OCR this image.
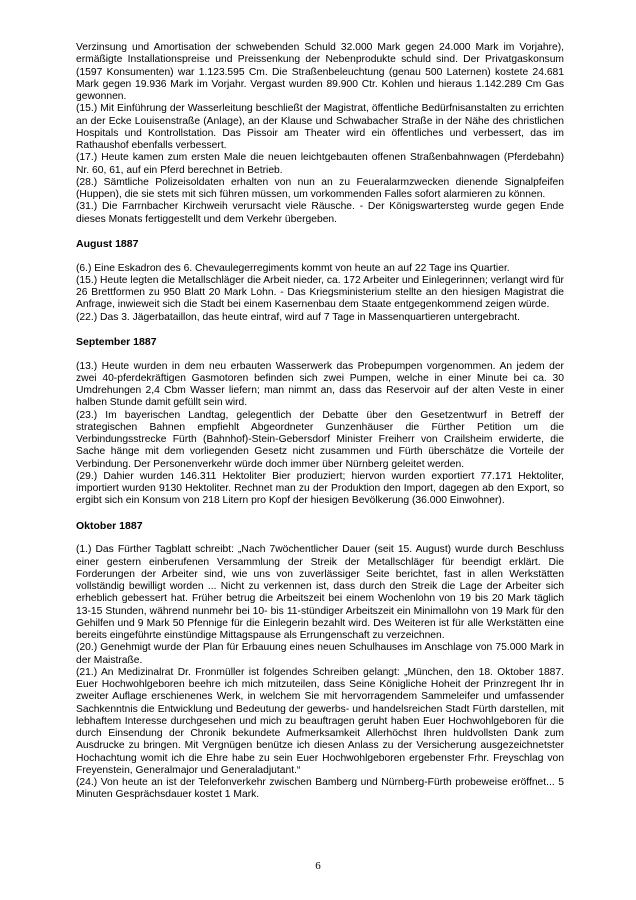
Verzinsung und Amortisation der schwebenden Schuld 32.000 Mark gegen 24.000 Mark im Vorjahre), ermäßigte Installationspreise und Preissenkung der Nebenprodukte schuld sind. Der Privatgaskonsum (1597 Konsumenten) war 1.123.595 Cm. Die Straßenbeleuchtung (genau 500 Laternen) kostete 24.681 Mark gegen 19.936 Mark im Vorjahr. Vergast wurden 89.900 Ctr. Kohlen und hieraus 1.142.289 Cm Gas gewonnen.

(15.) Mit Einführung der Wasserleitung beschließt der Magistrat, öffentliche Bedürfnisanstalten zu errichten an der Ecke Louisenstraße (Anlage), an der Klause und Schwabacher Straße in der Nähe des christlichen Hospitals und Kontrollstation. Das Pissoir am Theater wird ein öffentliches und verbessert, das im Rathaushof ebenfalls verbessert.

(17.) Heute kamen zum ersten Male die neuen leichtgebauten offenen Straßenbahnwagen (Pferdebahn) Nr. 60, 61, auf ein Pferd berechnet in Betrieb.

(28.) Sämtliche Polizeisoldaten erhalten von nun an zu Feueralarmzwecken dienende Signalpfeifen (Huppen), die sie stets mit sich führen müssen, um vorkommenden Falles sofort alarmieren zu können.

(31.) Die Farrnbacher Kirchweih verursacht viele Räusche. - Der Königswartersteg wurde gegen Ende dieses Monats fertiggestellt und dem Verkehr übergeben.

August 1887

(6.) Eine Eskadron des 6. Chevaulegerregiments kommt von heute an auf 22 Tage ins Quartier.

(15.) Heute legten die Metallschläger die Arbeit nieder, ca. 172 Arbeiter und Einlegerinnen; verlangt wird für 26 Brettformen zu 950 Blatt 20 Mark Lohn. - Das Kriegsministerium stellte an den hiesigen Magistrat die Anfrage, inwieweit sich die Stadt bei einem Kasernenbau dem Staate entgegenkommend zeigen würde.

(22.) Das 3. Jägerbataillon, das heute eintraf, wird auf 7 Tage in Massenquartieren untergebracht.

September 1887

(13.) Heute wurden in dem neu erbauten Wasserwerk das Probepumpen vorgenommen. An jedem der zwei 40-pferdekräftigen Gasmotoren befinden sich zwei Pumpen, welche in einer Minute bei ca. 30 Umdrehungen 2,4 Cbm Wasser liefern; man nimmt an, dass das Reservoir auf der alten Veste in einer halben Stunde damit gefüllt sein wird.

(23.) Im bayerischen Landtag, gelegentlich der Debatte über den Gesetzentwurf in Betreff der strategischen Bahnen empfiehlt Abgeordneter Gunzenhäuser die Fürther Petition um die Verbindungsstrecke Fürth (Bahnhof)-Stein-Gebersdorf Minister Freiherr von Crailsheim erwiderte, die Sache hänge mit dem vorliegenden Gesetz nicht zusammen und Fürth überschätze die Vorteile der Verbindung. Der Personenverkehr würde doch immer über Nürnberg geleitet werden.

(29.) Dahier wurden 146.311 Hektoliter Bier produziert; hiervon wurden exportiert 77.171 Hektoliter, importiert wurden 9130 Hektoliter. Rechnet man zu der Produktion den Import, dagegen ab den Export, so ergibt sich ein Konsum von 218 Litern pro Kopf der hiesigen Bevölkerung (36.000 Einwohner).

Oktober 1887

(1.) Das Fürther Tagblatt schreibt: „Nach 7wöchentlicher Dauer (seit 15. August) wurde durch Beschluss einer gestern einberufenen Versammlung der Streik der Metallschläger für beendigt erklärt. Die Forderungen der Arbeiter sind, wie uns von zuverlässiger Seite berichtet, fast in allen Werkstätten vollständig bewilligt worden ... Nicht zu verkennen ist, dass durch den Streik die Lage der Arbeiter sich erheblich gebessert hat. Früher betrug die Arbeitszeit bei einem Wochenlohn von 19 bis 20 Mark täglich 13-15 Stunden, während nunmehr bei 10- bis 11-stündiger Arbeitszeit ein Minimallohn von 19 Mark für den Gehilfen und 9 Mark 50 Pfennige für die Einlegerin bezahlt wird. Des Weiteren ist für alle Werkstätten eine bereits eingeführte einstündige Mittagspause als Errungenschaft zu verzeichnen.

(20.) Genehmigt wurde der Plan für Erbauung eines neuen Schulhauses im Anschlage von 75.000 Mark in der Maistraße.

(21.) An Medizinalrat Dr. Fronmüller ist folgendes Schreiben gelangt: „München, den 18. Oktober 1887. Euer Hochwohlgeboren beehre ich mich mitzuteilen, dass Seine Königliche Hoheit der Prinzregent Ihr in zweiter Auflage erschienenes Werk, in welchem Sie mit hervorragendem Sammeleifer und umfassender Sachkenntnis die Entwicklung und Bedeutung der gewerbs- und handelsreichen Stadt Fürth darstellen, mit lebhaftem Interesse durchgesehen und mich zu beauftragen geruht haben Euer Hochwohlgeboren für die durch Einsendung der Chronik bekundete Aufmerksamkeit Allerhöchst Ihren huldvollsten Dank zum Ausdrucke zu bringen. Mit Vergnügen benütze ich diesen Anlass zu der Versicherung ausgezeichnetster Hochachtung womit ich die Ehre habe zu sein Euer Hochwohlgeboren ergebenster Frhr. Freyschlag von Freyenstein, Generalmajor und Generaladjutant.“

(24.) Von heute an ist der Telefonverkehr zwischen Bamberg und Nürnberg-Fürth probeweise eröffnet... 5 Minuten Gesprächsdauer kostet 1 Mark.

6
